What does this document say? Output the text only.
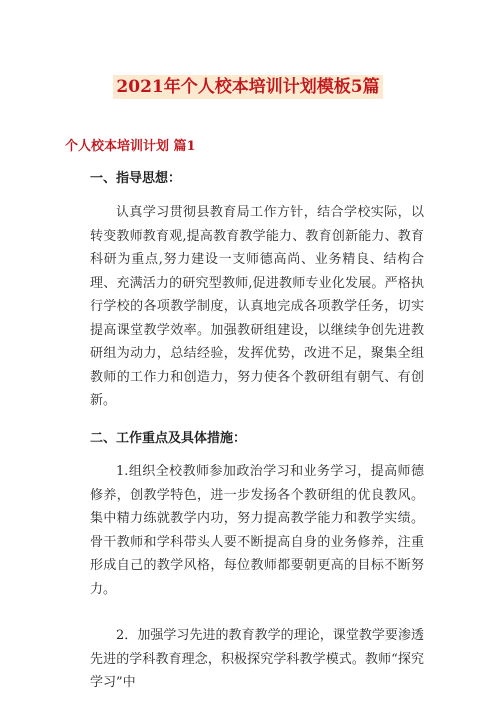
2021年个人校本培训计划模板5篇
个人校本培训计划 篇1
一、指导思想：

认真学习贯彻县教育局工作方针，结合学校实际，以转变教师教育观,提高教育教学能力、教育创新能力、教育科研为重点,努力建设一支师德高尚、业务精良、结构合理、充满活力的研究型教师,促进教师专业化发展。严格执行学校的各项教学制度，认真地完成各项教学任务，切实提高课堂教学效率。加强教研组建设，以继续争创先进教研组为动力，总结经验，发挥优势，改进不足，聚集全组教师的工作力和创造力，努力使各个教研组有朝气、有创新。

二、工作重点及具体措施：

1.组织全校教师参加政治学习和业务学习，提高师德修养，创教学特色，进一步发扬各个教研组的优良教风。集中精力练就教学内功，努力提高教学能力和教学实绩。骨干教师和学科带头人要不断提高自身的业务修养，注重形成自己的教学风格，每位教师都要朝更高的目标不断努力。

2．加强学习先进的教育教学的理论，课堂教学要渗透先进的学科教育理念，积极探究学科教学模式。教师“探究学习”中
